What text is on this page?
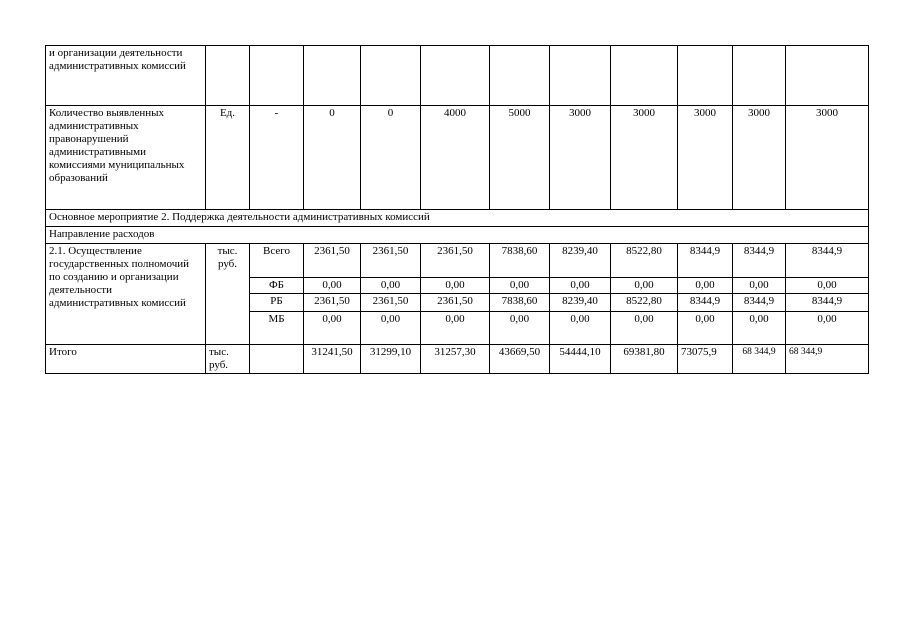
и организации деятельности административных комиссий											
Количество выявленных административных правонарушений административными комиссиями муниципальных образований	Ед.	-	0	0	4000	5000	3000	3000	3000	3000	3000
Основное мероприятие 2. Поддержка деятельности административных комиссий											
Направление расходов											
2.1. Осуществление государственных полномочий по созданию и организации деятельности административных комиссий	тыс. руб.	Всего	2361,50	2361,50	2361,50	7838,60	8239,40	8522,80	8344,9	8344,9	8344,9
		ФБ	0,00	0,00	0,00	0,00	0,00	0,00	0,00	0,00	0,00
		РБ	2361,50	2361,50	2361,50	7838,60	8239,40	8522,80	8344,9	8344,9	8344,9
		МБ	0,00	0,00	0,00	0,00	0,00	0,00	0,00	0,00	0,00
Итого	тыс. руб.		31241,50	31299,10	31257,30	43669,50	54444,10	69381,80	73075,9	68 344,9	68 344,9
